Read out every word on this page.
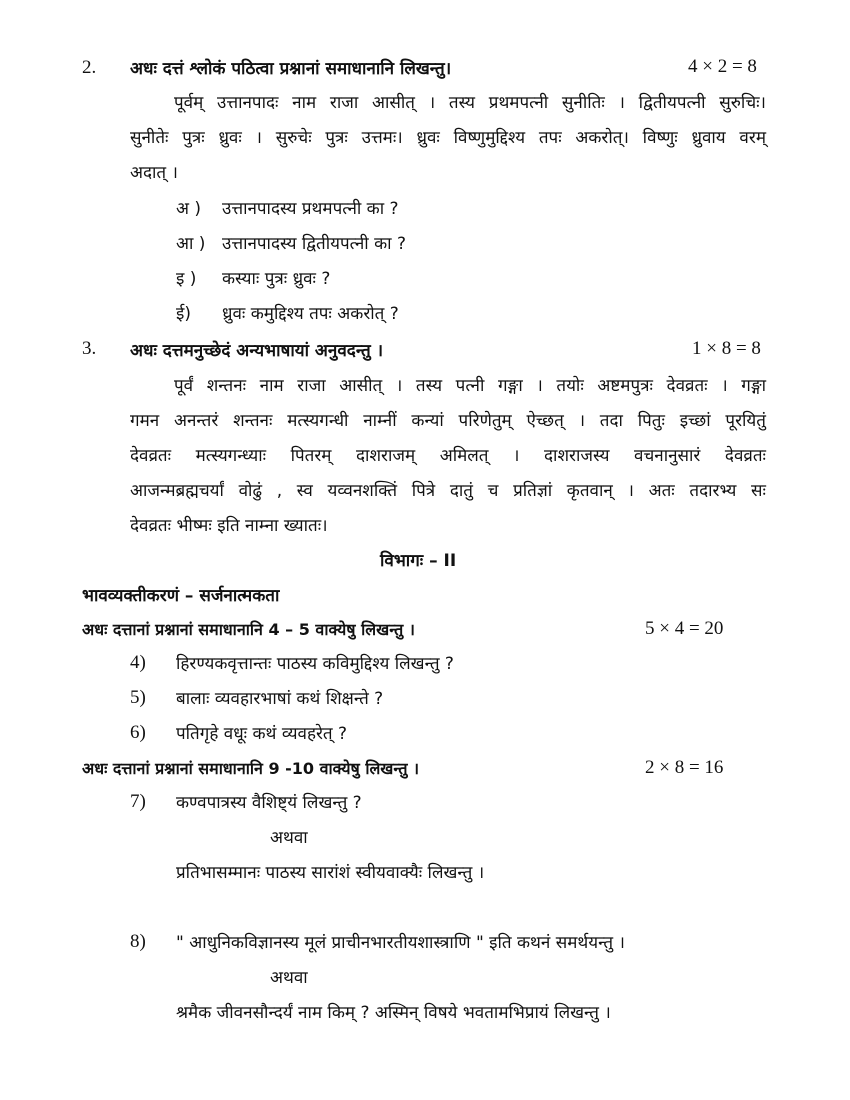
2. अधः दत्तं श्लोकं पठित्वा प्रश्नानां समाधानानि लिखन्तु।	4 × 2 = 8
पूर्वम् उत्तानपादः नाम राजा आसीत् । तस्य प्रथमपत्नी सुनीतिः । द्वितीयपत्नी सुरुचिः।
सुनीतेः पुत्रः ध्रुवः । सुरुचेः पुत्रः उत्तमः। ध्रुवः विष्णुमुद्दिश्य तपः अकरोत्। विष्णुः ध्रुवाय वरम्
अदात् ।
अ ) उत्तानपादस्य प्रथमपत्नी का ?
आ ) उत्तानपादस्य द्वितीयपत्नी का ?
इ ) कस्याः पुत्रः ध्रुवः ?
ई) ध्रुवः कमुद्दिश्य तपः अकरोत् ?
3. अधः दत्तमनुच्छेदं अन्यभाषायां अनुवदन्तु ।	1 × 8 = 8
पूर्वं शन्तनः नाम राजा आसीत् । तस्य पत्नी गङ्गा । तयोः अष्टमपुत्रः देवव्रतः । गङ्गा
गमन अनन्तरं शन्तनः मत्स्यगन्धी नाम्नीं कन्यां परिणेतुम् ऐच्छत् । तदा पितुः इच्छां पूरयितुं
देवव्रतः मत्स्यगन्ध्याः पितरम् दाशराजम् अमिलत् । दाशराजस्य वचनानुसारं देवव्रतः
आजन्मब्रह्मचर्यां वोढुं , स्व यव्वनशक्तिं पित्रे दातुं च प्रतिज्ञां कृतवान् । अतः तदारभ्य सः
देवव्रतः भीष्मः इति नाम्ना ख्यातः।
विभागः – II
भावव्यक्तीकरणं – सर्जनात्मकता
अधः दत्तानां प्रश्नानां समाधानानि 4 – 5 वाक्येषु लिखन्तु ।	5 × 4 = 20
4) हिरण्यकवृत्तान्तः पाठस्य कविमुद्दिश्य लिखन्तु ?
5) बालाः व्यवहारभाषां कथं शिक्षन्ते ?
6) पतिगृहे वधूः कथं व्यवहरेत् ?
अधः दत्तानां प्रश्नानां समाधानानि 9 -10 वाक्येषु लिखन्तु ।	2 × 8 = 16
7) कण्वपात्रस्य वैशिष्ट्यं लिखन्तु ?
अथवा
प्रतिभासम्मानः पाठस्य सारांशं स्वीयवाक्यैः लिखन्तु ।
8) " आधुनिकविज्ञानस्य मूलं प्राचीनभारतीयशास्त्राणि " इति कथनं समर्थयन्तु ।
अथवा
श्रमैक जीवनसौन्दर्यं नाम किम् ? अस्मिन् विषये भवतामभिप्रायं लिखन्तु ।
